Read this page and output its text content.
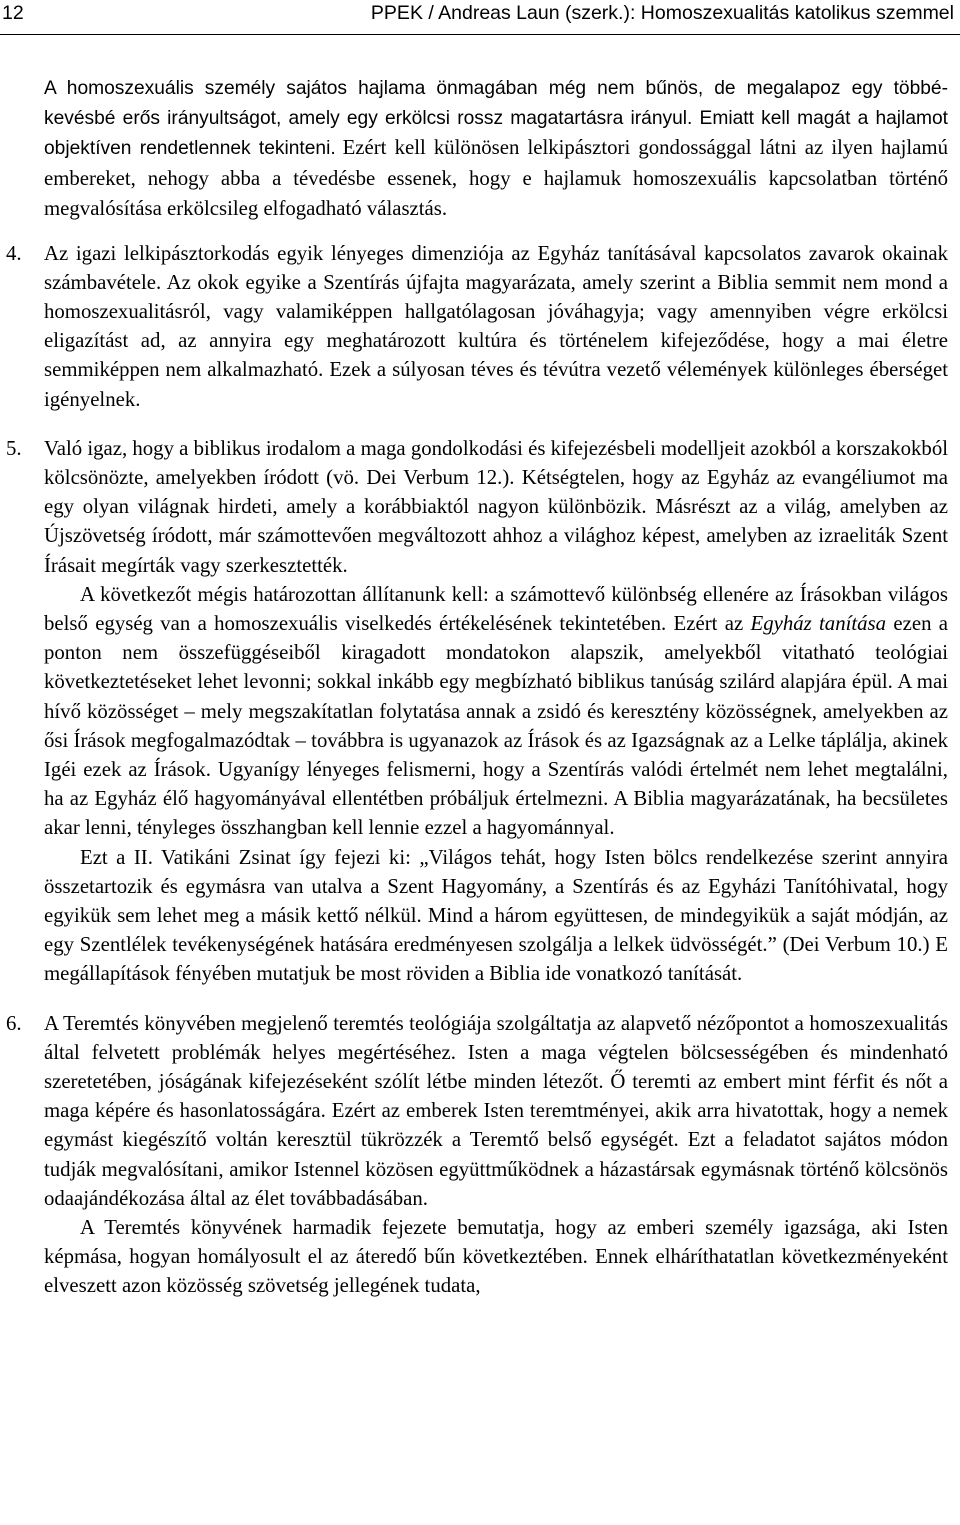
12	PPEK / Andreas Laun (szerk.): Homoszexualitás katolikus szemmel

A homoszexuális személy sajátos hajlama önmagában még nem bűnös, de megalapoz egy többé-kevésbé erős irányultságot, amely egy erkölcsi rossz magatartásra irányul. Emiatt kell magát a hajlamot objektíven rendetlennek tekinteni. Ezért kell különösen lelkipásztori gondossággal látni az ilyen hajlamú embereket, nehogy abba a tévedésbe essenek, hogy e hajlamuk homoszexuális kapcsolatban történő megvalósítása erkölcsileg elfogadható választás.

4. Az igazi lelkipásztorkodás egyik lényeges dimenziója az Egyház tanításával kapcsolatos zavarok okainak számbavétele. Az okok egyike a Szentírás újfajta magyarázata, amely szerint a Biblia semmit nem mond a homoszexualitásról, vagy valamiképpen hallgatólagosan jóváhagyja; vagy amennyiben végre erkölcsi eligazítást ad, az annyira egy meghatározott kultúra és történelem kifejeződése, hogy a mai életre semmiképpen nem alkalmazható. Ezek a súlyosan téves és tévútra vezető vélemények különleges éberséget igényelnek.

5. Való igaz, hogy a biblikus irodalom a maga gondolkodási és kifejezésbeli modelljeit azokból a korszakokból kölcsönözte, amelyekben íródott (vö. Dei Verbum 12.). Kétségtelen, hogy az Egyház az evangéliumot ma egy olyan világnak hirdeti, amely a korábbiaktól nagyon különbözik. Másrészt az a világ, amelyben az Újszövetség íródott, már számottevően megváltozott ahhoz a világhoz képest, amelyben az izraeliták Szent Írásait megírták vagy szerkesztették.

A következőt mégis határozottan állítanunk kell: a számottevő különbség ellenére az Írásokban világos belső egység van a homoszexuális viselkedés értékelésének tekintetében. Ezért az Egyház tanítása ezen a ponton nem összefüggéseiből kiragadott mondatokon alapszik, amelyekből vitatható teológiai következtetéseket lehet levonni; sokkal inkább egy megbízható biblikus tanúság szilárd alapjára épül. A mai hívő közösséget – mely megszakítatlan folytatása annak a zsidó és keresztény közösségnek, amelyekben az ősi Írások megfogalmazódtak – továbbra is ugyanazok az Írások és az Igazságnak az a Lelke táplálja, akinek Igéi ezek az Írások. Ugyanígy lényeges felismerni, hogy a Szentírás valódi értelmét nem lehet megtalálni, ha az Egyház élő hagyományával ellentétben próbáljuk értelmezni. A Biblia magyarázatának, ha becsületes akar lenni, tényleges összhangban kell lennie ezzel a hagyománnyal.

Ezt a II. Vatikáni Zsinat így fejezi ki: „Világos tehát, hogy Isten bölcs rendelkezése szerint annyira összetartozik és egymásra van utalva a Szent Hagyomány, a Szentírás és az Egyházi Tanítóhivatal, hogy egyikük sem lehet meg a másik kettő nélkül. Mind a három együttesen, de mindegyikük a saját módján, az egy Szentlélek tevékenységének hatására eredményesen szolgálja a lelkek üdvösségét.” (Dei Verbum 10.) E megállapítások fényében mutatjuk be most röviden a Biblia ide vonatkozó tanítását.

6. A Teremtés könyvében megjelenő teremtés teológiája szolgáltatja az alapvető nézőpontot a homoszexualitás által felvetett problémák helyes megértéséhez. Isten a maga végtelen bölcsességében és mindenható szeretetében, jóságának kifejezéseként szólít létbe minden létezőt. Ő teremti az embert mint férfit és nőt a maga képére és hasonlatosságára. Ezért az emberek Isten teremtményei, akik arra hivatottak, hogy a nemek egymást kiegészítő voltán keresztül tükrözzék a Teremtő belső egységét. Ezt a feladatot sajátos módon tudják megvalósítani, amikor Istennel közösen együttműködnek a házastársak egymásnak történő kölcsönös odaajándékozása által az élet továbbadásában.

A Teremtés könyvének harmadik fejezete bemutatja, hogy az emberi személy igazsága, aki Isten képmása, hogyan homályosult el az áteredő bűn következtében. Ennek elháríthatatlan következményeként elveszett azon közösség szövetség jellegének tudata,
